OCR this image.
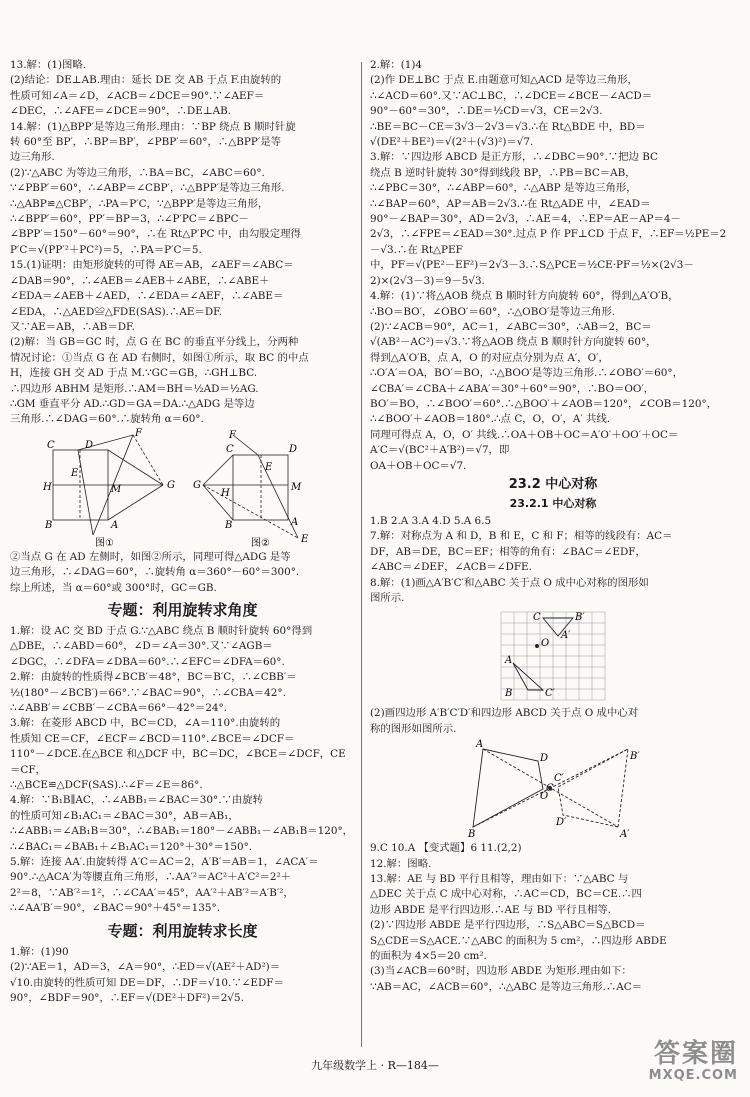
13.解：(1)图略.

(2)结论：DE⊥AB.理由：延长 DE 交 AB 于点 F.由旋转的

性质可知∠A＝∠D，∠ACB＝∠DCE＝90°.∵∠AEF＝

∠DEC，∴∠AFE＝∠DCE＝90°，∴DE⊥AB.

14.解：(1)△BPP′是等边三角形.理由：∵BP 绕点 B 顺时针旋

转 60°至 BP′，∴BP＝BP′，∠PBP′＝60°，∴△BPP′是等

边三角形.

(2)∵△ABC 为等边三角形，∴BA＝BC，∠ABC＝60°.

∵∠PBP′＝60°，∴∠ABP＝∠CBP′，∴△BPP′是等边三角形.

∴△ABP≌△CBP′，∴PA＝P′C，∵△BPP′是等边三角形，

∴∠BPP′＝60°，PP′＝BP＝3，∴∠P′PC＝∠BPC－

∠BPP′＝150°－60°＝90°，∴在 Rt△P′PC 中，由勾股定理得

P′C＝√(PP′²＋PC²)＝5，∴PA＝P′C＝5.

15.(1)证明：由矩形旋转的可得 AE＝AB，∠AEF＝∠ABC＝

∠DAB＝90°，∴∠AEB＝∠AEB＋∠ABE，∴∠ABE＋

∠EDA＝∠AEB＋∠AED，∴∠EDA＝∠AEF，∴∠ABE＝

∠EDA，∴△AED≌△FDE(SAS).∴AE＝DF.

又∵AE＝AB，∴AB＝DF.

(2)解：当 GB＝GC 时，点 G 在 BC 的垂直平分线上，分两种

情况讨论：①当点 G 在 AD 右侧时，如图①所示，取 BC 的中点

H，连接 GH 交 AD 于点 M.∵GC＝GB，∴GH⊥BC.

∴四边形 ABHM 是矩形.∴AM＝BH＝½AD＝½AG.

∴GM 垂直平分 AD.∴GD＝GA＝DA.∴△ADG 是等边

三角形.∴∠DAG＝60°.∴旋转角 α＝60°.

C	D
F
E
H	M	G
A
B
图①
F
C	D
E
G
A
B
H
M
E
图②

②当点 G 在 AD 左侧时，如图②所示，同理可得△ADG 是等

边三角形，∴∠DAG＝60°，∴旋转角 α＝360°－60°＝300°.

综上所述，当 α＝60°或 300°时，GC＝GB.

专题：利用旋转求角度

1.解：设 AC 交 BD 于点 G.∵△ABC 绕点 B 顺时针旋转 60°得到

△DBE，∴∠ABD＝60°，∠D＝∠A＝30°.又∵∠AGB＝

∠DGC，∴∠DFA＝∠DBA＝60°.∴∠EFC＝∠DFA＝60°.

2.解：由旋转的性质得∠BCB′＝48°，BC＝B′C，∴∠CBB′＝

½(180°－∠BCB′)＝66°.∵∠BAC＝90°，∴∠CBA＝42°.

∴∠ABB′＝∠CBB′－∠CBA＝66°－42°＝24°.

3.解：在菱形 ABCD 中，BC＝CD，∠A＝110°.由旋转的

性质知 CE＝CF，∠ECF＝∠BCD＝110°.∠BCE＝∠DCF＝

110°－∠DCE.在△BCE 和△DCF 中，BC＝DC，∠BCE＝∠DCF，CE＝CF，

∴△BCE≌△DCF(SAS).∴∠F＝∠E＝86°.

4.解：∵B₁B∥AC，∴∠ABB₁＝∠BAC＝30°.∵由旋转

的性质可知∠B₁AC₁＝∠BAC＝30°，AB＝AB₁，

∴∠ABB₁＝∠AB₁B＝30°，∴∠BAB₁＝180°－∠ABB₁－∠AB₁B＝120°，

∴∠BAC₁＝∠BAB₁＋∠B₁AC₁＝120°＋30°＝150°.

5.解：连接 AA′.由旋转得 A′C＝AC＝2，A′B′＝AB＝1，∠ACA′＝

90°.∴△ACA′为等腰直角三角形，∴AA′²＝AC²＋A′C²＝2²＋

2²＝8，∵AB′²＝1²，∴∠CAA′＝45°，AA′²＋AB′²＝A′B′²，

∴∠AA′B′＝90°，∠BAC＝90°＋45°＝135°.

专题：利用旋转求长度

1.解：(1)90

(2)∵AE＝1，AD＝3，∠A＝90°，∴ED＝√(AE²＋AD²)＝

√10.由旋转的性质可知 DE＝DF，∴DF＝√10.∵∠EDF＝

90°，∠BDF＝90°，∴EF＝√(DE²＋DF²)＝2√5.

2.解：(1)4

(2)作 DE⊥BC 于点 E.由题意可知△ACD 是等边三角形，

∴∠ACD＝60°.又∵AC⊥BC，∴∠DCE＝∠BCE－∠ACD＝

90°－60°＝30°，∴DE＝½CD＝√3，CE＝2√3.

∴BE＝BC－CE＝3√3－2√3＝√3.∴在 Rt△BDE 中，BD＝

√(DE²＋BE²)＝√(2²＋(√3)²)＝√7.

3.解：∵四边形 ABCD 是正方形，∴∠DBC＝90°.∵把边 BC

绕点 B 逆时针旋转 30°得到线段 BP，∴PB＝BC＝AB，

∴∠PBC＝30°，∴∠ABP＝60°，∴△ABP 是等边三角形，

∴∠BAP＝60°，AP＝AB＝2√3.∴在 Rt△ADE 中，∠EAD＝

90°－∠BAP＝30°，AD＝2√3，∴AE＝4，∴EP＝AE－AP＝4－

2√3，∴∠FPE＝∠EAD＝30°.过点 P 作 PF⊥CD 于点 F，∴EF＝½PE＝2－√3.∴在 Rt△PEF

中，PF＝√(PE²－EF²)＝2√3－3.∴S△PCE＝½CE·PF＝½×(2√3－

2)×(2√3－3)＝9－5√3.

4.解：(1)∵将△AOB 绕点 B 顺时针方向旋转 60°，得到△A′O′B，

∴BO＝BO′，∠OBO′＝60°，∴△OBO′是等边三角形.

(2)∵∠ACB＝90°，AC＝1，∠ABC＝30°，∴AB＝2，BC＝

√(AB²－AC²)＝√3.∵将△AOB 绕点 B 顺时针方向旋转 60°，

得到△A′O′B，点 A，O 的对应点分别为点 A′，O′，

∴O′A′＝OA，BO′＝BO，∴△BOO′是等边三角形.∴∠OBO′＝60°，

∠CBA′＝∠CBA＋∠ABA′＝30°＋60°＝90°，∴BO＝OO′，

BO′＝BO，∴∠BOO′＝60°.∴△BOO′＋∠AOB＝120°，∠COB＝120°，

∴∠BOO′＋∠AOB＝180°.∴点 C，O，O′，A′ 共线.

同理可得点 A，O，O′ 共线.∴OA＋OB＋OC＝A′O′＋OO′＋OC＝

A′C＝√(BC²＋A′B²)＝√7，即

OA＋OB＋OC＝√7.

23.2 中心对称
23.2.1 中心对称

1.B 2.A 3.A 4.D 5.A 6.5

7.解：对称点为 A 和 D，B 和 E，C 和 F；相等的线段有：AC＝

DF，AB＝DE，BC＝EF；相等的角有：∠BAC＝∠EDF，

∠ABC＝∠DEF，∠ACB＝∠DFE.

8.解：(1)画△A′B′C′和△ABC 关于点 O 成中心对称的图形如

图所示.

C	B′
A′
O
A
B	C′

(2)画四边形 A′B′C′D′和四边形 ABCD 关于点 O 成中心对

称的图形如图所示.

A
D	B′
C′
O
C
B
D′
A′

9.C 10.A 【变式题】6 11.(2,2)

12.解：图略.

13.解：AE 与 BD 平行且相等，理由如下：∵△ABC 与

△DEC 关于点 C 成中心对称，∴AC＝CD，BC＝CE.∴四

边形 ABDE 是平行四边形.∴AE 与 BD 平行且相等.

(2)∵四边形 ABDE 是平行四边形，∴S△ABC＝S△BCD＝

S△CDE＝S△ACE.∵△ABC 的面积为 5 cm²，∴四边形 ABDE

的面积为 4×5＝20 cm².

(3)当∠ACB＝60°时，四边形 ABDE 为矩形.理由如下：

∵AB＝AC，∠ACB＝60°，∴△ABC 是等边三角形.∴AC＝

九年级数学上 · R—184—	答案圈
MXQE.COM
